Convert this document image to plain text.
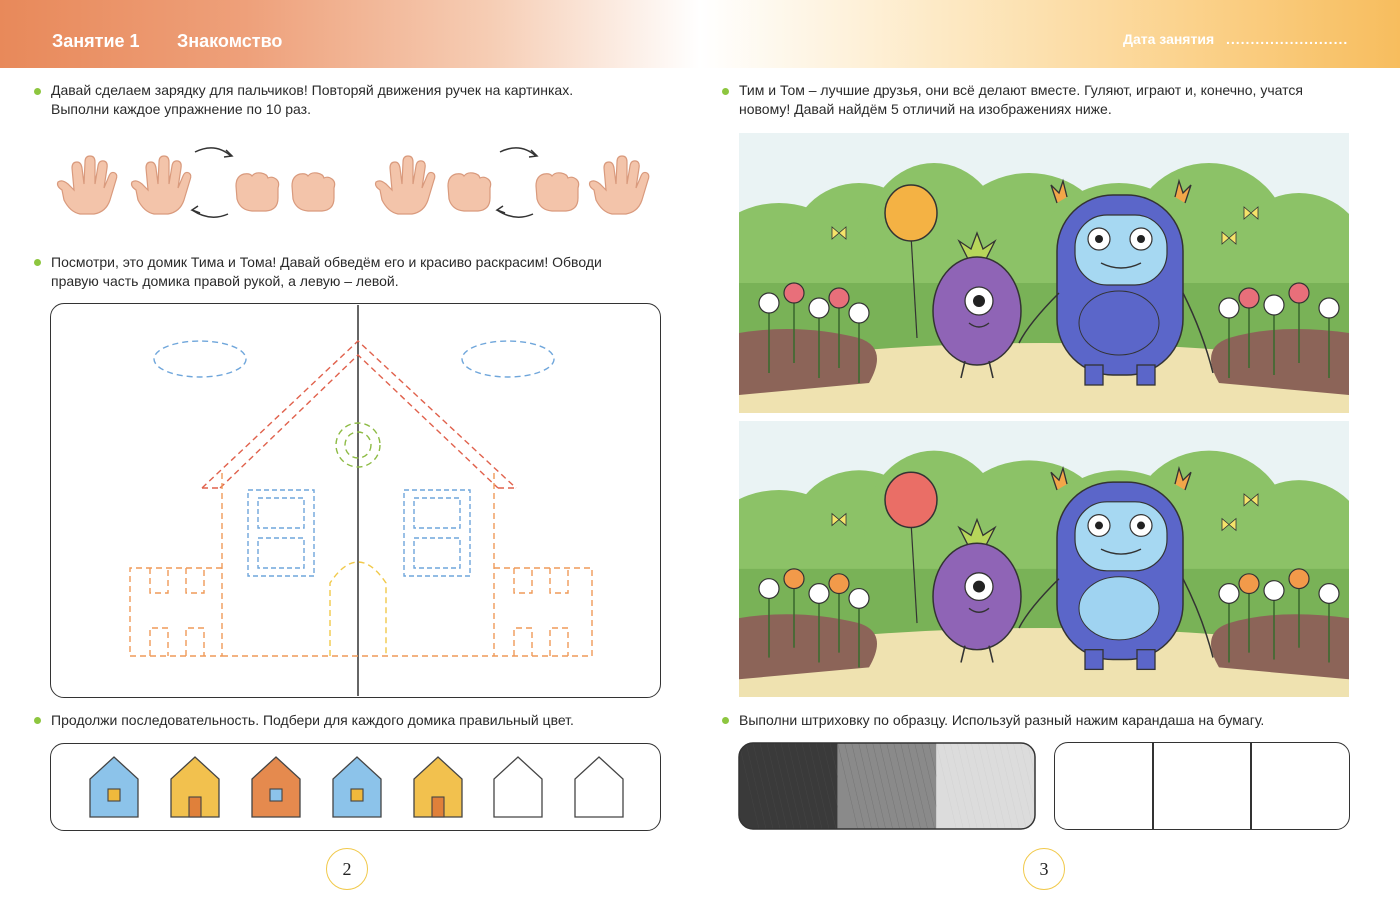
Занятие 1 Знакомство	Дата занятия .........................
Давай сделаем зарядку для пальчиков! Повторяй движения ручек на картинках.
Выполни каждое упражнение по 10 раз.
Посмотри, это домик Тима и Тома! Давай обведём его и красиво раскрасим! Обводи
правую часть домика правой рукой, а левую – левой.
Продолжи последовательность. Подбери для каждого домика правильный цвет.
2
Тим и Том – лучшие друзья, они всё делают вместе. Гуляют, играют и, конечно, учатся
новому! Давай найдём 5 отличий на изображениях ниже.
Выполни штриховку по образцу. Используй разный нажим карандаша на бумагу.
3
